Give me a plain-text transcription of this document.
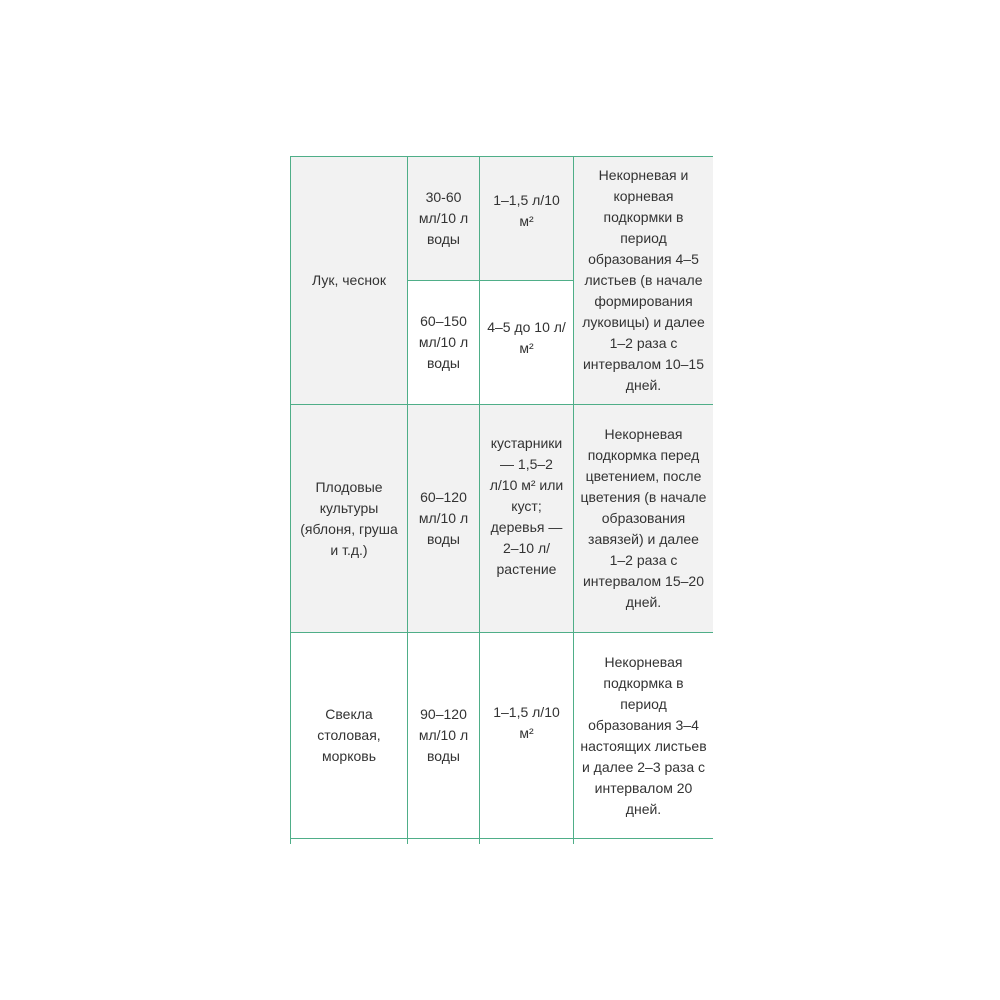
Лук, чеснок	30-60 мл/10 л воды	1–1,5 л/10 м²	Некорневая и корневая подкормки в период образования 4–5 листьев (в начале формирования луковицы) и далее 1–2 раза с интервалом 10–15 дней.
	60–150 мл/10 л воды	4–5 до 10 л/м²	
Плодовые культуры (яблоня, груша и т.д.)	60–120 мл/10 л воды	кустарники — 1,5–2 л/10 м² или куст; деревья — 2–10 л/растение	Некорневая подкормка перед цветением, после цветения (в начале образования завязей) и далее 1–2 раза с интервалом 15–20 дней.
Свекла столовая, морковь	90–120 мл/10 л воды	1–1,5 л/10 м²	Некорневая подкормка в период образования 3–4 настоящих листьев и далее 2–3 раза с интервалом 20 дней.
